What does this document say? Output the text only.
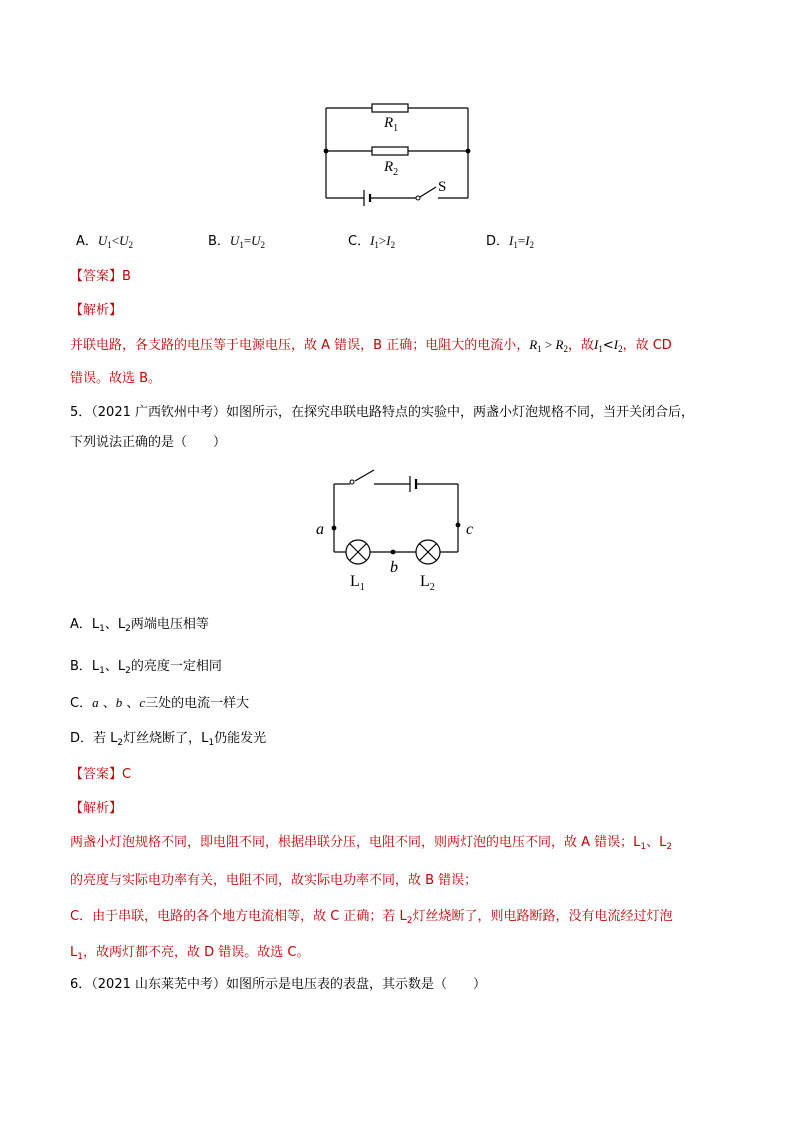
$R_1$
$R_2$
S
A．$U_1<U_2$	B．$U_1=U_2$	C．$I_1>I_2$	D．$I_1=I_2$
【答案】B
【解析】
并联电路，各支路的电压等于电源电压，故 A 错误，B 正确；电阻大的电流小，$R_1 > R_2$，故$I_1<I_2$，故 CD
错误。故选 B。
5．（2021 广西钦州中考）如图所示，在探究串联电路特点的实验中，两盏小灯泡规格不同，当开关闭合后，
下列说法正确的是（　　）
a
b
c
$L_1$	$L_2$
A．$L_1$、$L_2$两端电压相等
B．$L_1$、$L_2$的亮度一定相同
C．a 、b 、c三处的电流一样大
D．若 $L_2$灯丝烧断了，$L_1$仍能发光
【答案】C
【解析】
两盏小灯泡规格不同，即电阻不同，根据串联分压，电阻不同，则两灯泡的电压不同，故 A 错误；$L_1$、$L_2$
的亮度与实际电功率有关，电阻不同，故实际电功率不同，故 B 错误；
C．由于串联，电路的各个地方电流相等，故 C 正确；若 $L_2$灯丝烧断了，则电路断路，没有电流经过灯泡
$L_1$，故两灯都不亮，故 D 错误。故选 C。
6．（2021 山东莱芜中考）如图所示是电压表的表盘，其示数是（　　）
